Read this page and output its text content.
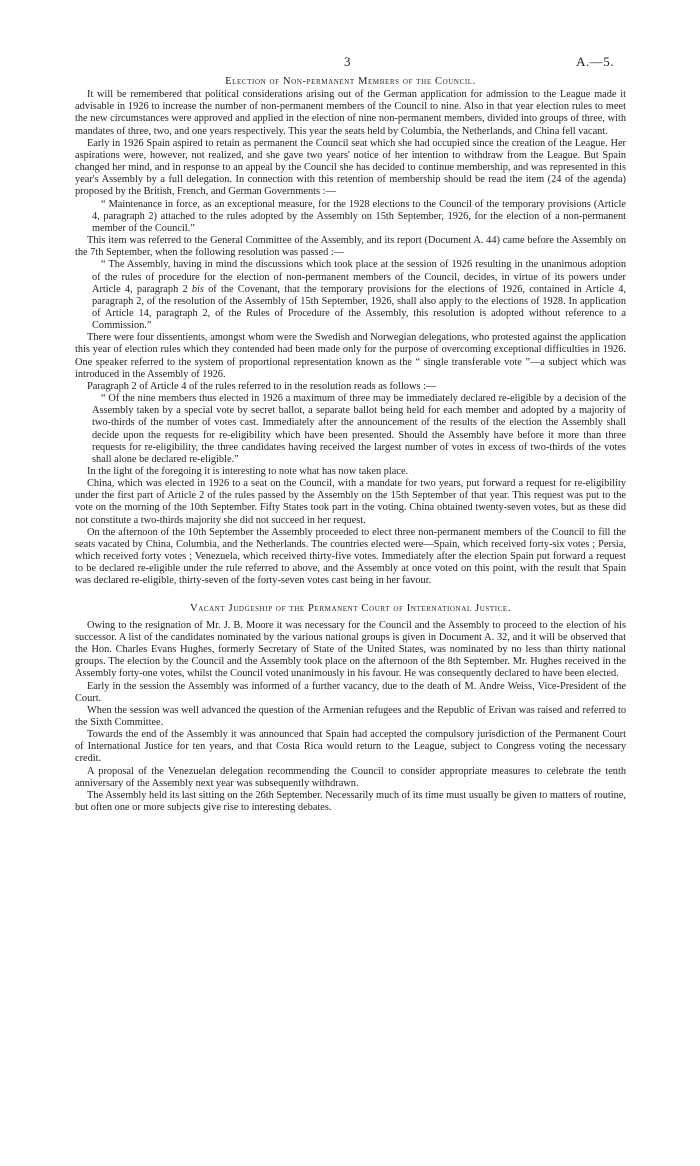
3	A.—5.
Election of Non-permanent Members of the Council.

It will be remembered that political considerations arising out of the German application for admission to the League made it advisable in 1926 to increase the number of non-permanent members of the Council to nine. Also in that year election rules to meet the new circumstances were approved and applied in the election of nine non-permanent members, divided into groups of three, with mandates of three, two, and one years respectively. This year the seats held by Columbia, the Netherlands, and China fell vacant.

Early in 1926 Spain aspired to retain as permanent the Council seat which she had occupied since the creation of the League. Her aspirations were, however, not realized, and she gave two years' notice of her intention to withdraw from the League. But Spain changed her mind, and in response to an appeal by the Council she has decided to continue membership, and was represented in this year's Assembly by a full delegation. In connection with this retention of membership should be read the item (24 of the agenda) proposed by the British, French, and German Governments :—

“ Maintenance in force, as an exceptional measure, for the 1928 elections to the Council of the temporary provisions (Article 4, paragraph 2) attached to the rules adopted by the Assembly on 15th September, 1926, for the election of a non-permanent member of the Council.”

This item was referred to the General Committee of the Assembly, and its report (Document A. 44) came before the Assembly on the 7th September, when the following resolution was passed :—

“ The Assembly, having in mind the discussions which took place at the session of 1926 resulting in the unanimous adoption of the rules of procedure for the election of non-permanent members of the Council, decides, in virtue of its powers under Article 4, paragraph 2 bis of the Covenant, that the temporary provisions for the elections of 1926, contained in Article 4, paragraph 2, of the resolution of the Assembly of 15th September, 1926, shall also apply to the elections of 1928. In application of Article 14, paragraph 2, of the Rules of Procedure of the Assembly, this resolution is adopted without reference to a Commission.”

There were four dissentients, amongst whom were the Swedish and Norwegian delegations, who protested against the application this year of election rules which they contended had been made only for the purpose of overcoming exceptional difficulties in 1926. One speaker referred to the system of proportional representation known as the “ single transferable vote ”—a subject which was introduced in the Assembly of 1926.

Paragraph 2 of Article 4 of the rules referred to in the resolution reads as follows :—

“ Of the nine members thus elected in 1926 a maximum of three may be immediately declared re-eligible by a decision of the Assembly taken by a special vote by secret ballot, a separate ballot being held for each member and adopted by a majority of two-thirds of the number of votes cast. Immediately after the announcement of the results of the election the Assembly shall decide upon the requests for re-eligibility which have been presented. Should the Assembly have before it more than three requests for re-eligibility, the three candidates having received the largest number of votes in excess of two-thirds of the votes shall alone be declared re-eligible.”

In the light of the foregoing it is interesting to note what has now taken place.

China, which was elected in 1926 to a seat on the Council, with a mandate for two years, put forward a request for re-eligibility under the first part of Article 2 of the rules passed by the Assembly on the 15th September of that year. This request was put to the vote on the morning of the 10th September. Fifty States took part in the voting. China obtained twenty-seven votes, but as these did not constitute a two-thirds majority she did not succeed in her request.

On the afternoon of the 10th September the Assembly proceeded to elect three non-permanent members of the Council to fill the seats vacated by China, Columbia, and the Netherlands. The countries elected were—Spain, which received forty-six votes ; Persia, which received forty votes ; Venezuela, which received thirty-five votes. Immediately after the election Spain put forward a request to be declared re-eligible under the rule referred to above, and the Assembly at once voted on this point, with the result that Spain was declared re-eligible, thirty-seven of the forty-seven votes cast being in her favour.

Vacant Judgeship of the Permanent Court of International Justice.

Owing to the resignation of Mr. J. B. Moore it was necessary for the Council and the Assembly to proceed to the election of his successor. A list of the candidates nominated by the various national groups is given in Document A. 32, and it will be observed that the Hon. Charles Evans Hughes, formerly Secretary of State of the United States, was nominated by no less than thirty national groups. The election by the Council and the Assembly took place on the afternoon of the 8th September. Mr. Hughes received in the Assembly forty-one votes, whilst the Council voted unanimously in his favour. He was consequently declared to have been elected.

Early in the session the Assembly was informed of a further vacancy, due to the death of M. Andre Weiss, Vice-President of the Court.

When the session was well advanced the question of the Armenian refugees and the Republic of Erivan was raised and referred to the Sixth Committee.

Towards the end of the Assembly it was announced that Spain had accepted the compulsory jurisdiction of the Permanent Court of International Justice for ten years, and that Costa Rica would return to the League, subject to Congress voting the necessary credit.

A proposal of the Venezuelan delegation recommending the Council to consider appropriate measures to celebrate the tenth anniversary of the Assembly next year was subsequently withdrawn.

The Assembly held its last sitting on the 26th September. Necessarily much of its time must usually be given to matters of routine, but often one or more subjects give rise to interesting debates.
